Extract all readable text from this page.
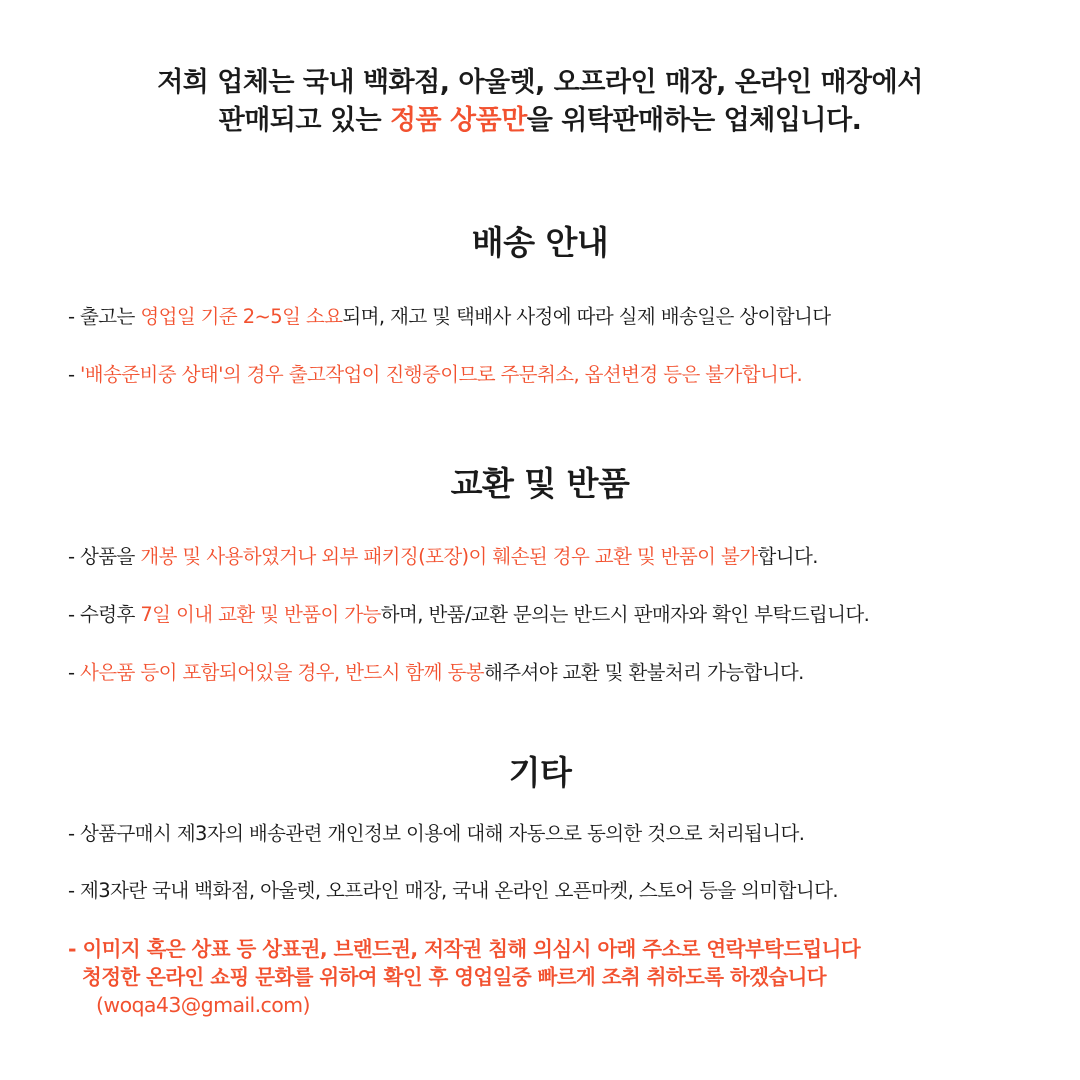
저희 업체는 국내 백화점, 아울렛, 오프라인 매장, 온라인 매장에서
판매되고 있는 정품 상품만을 위탁판매하는 업체입니다.
배송 안내
- 출고는 영업일 기준 2~5일 소요되며, 재고 및 택배사 사정에 따라 실제 배송일은 상이합니다
- '배송준비중 상태'의 경우 출고작업이 진행중이므로 주문취소, 옵션변경 등은 불가합니다.
교환 및 반품
- 상품을 개봉 및 사용하였거나 외부 패키징(포장)이 훼손된 경우 교환 및 반품이 불가합니다.
- 수령후 7일 이내 교환 및 반품이 가능하며, 반품/교환 문의는 반드시 판매자와 확인 부탁드립니다.
- 사은품 등이 포함되어있을 경우, 반드시 함께 동봉해주셔야 교환 및 환불처리 가능합니다.
기타
- 상품구매시 제3자의 배송관련 개인정보 이용에 대해 자동으로 동의한 것으로 처리됩니다.
- 제3자란 국내 백화점, 아울렛, 오프라인 매장, 국내 온라인 오픈마켓, 스토어 등을 의미합니다.
- 이미지 혹은 상표 등 상표권, 브랜드권, 저작권 침해 의심시 아래 주소로 연락부탁드립니다
청정한 온라인 쇼핑 문화를 위하여 확인 후 영업일중 빠르게 조취 취하도록 하겠습니다
(woqa43@gmail.com)
